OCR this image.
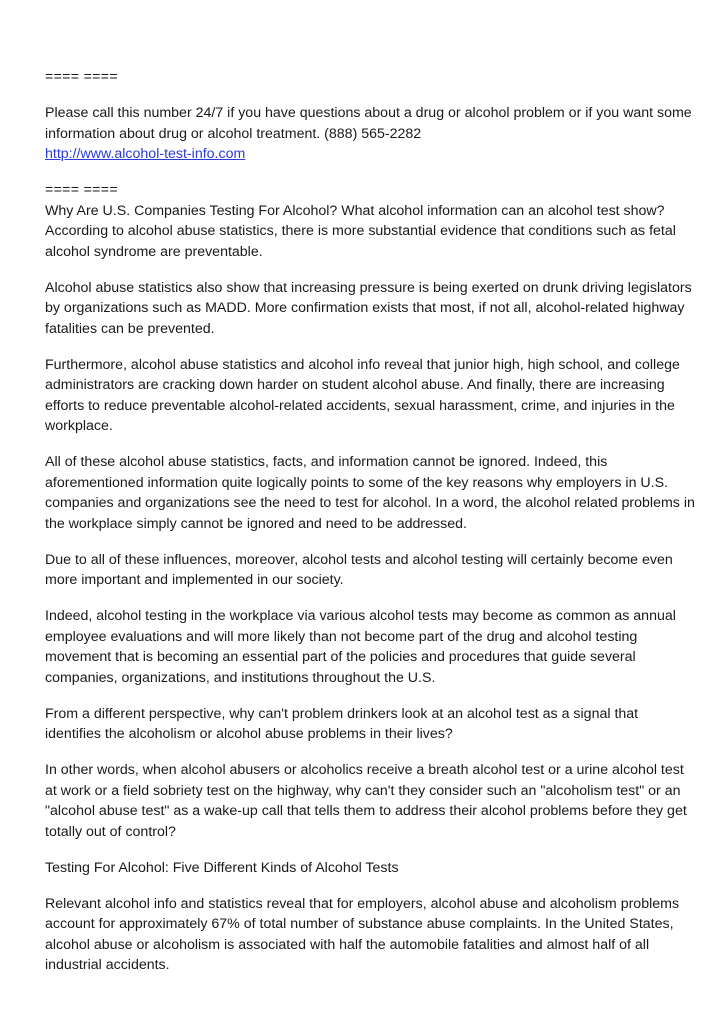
==== ====

Please call this number 24/7 if you have questions about a drug or alcohol problem or if you want some information about drug or alcohol treatment. (888) 565-2282
http://www.alcohol-test-info.com

==== ====

Why Are U.S. Companies Testing For Alcohol? What alcohol information can an alcohol test show? According to alcohol abuse statistics, there is more substantial evidence that conditions such as fetal alcohol syndrome are preventable.

Alcohol abuse statistics also show that increasing pressure is being exerted on drunk driving legislators by organizations such as MADD. More confirmation exists that most, if not all, alcohol-related highway fatalities can be prevented.

Furthermore, alcohol abuse statistics and alcohol info reveal that junior high, high school, and college administrators are cracking down harder on student alcohol abuse. And finally, there are increasing efforts to reduce preventable alcohol-related accidents, sexual harassment, crime, and injuries in the workplace.

All of these alcohol abuse statistics, facts, and information cannot be ignored. Indeed, this aforementioned information quite logically points to some of the key reasons why employers in U.S. companies and organizations see the need to test for alcohol. In a word, the alcohol related problems in the workplace simply cannot be ignored and need to be addressed.

Due to all of these influences, moreover, alcohol tests and alcohol testing will certainly become even more important and implemented in our society.

Indeed, alcohol testing in the workplace via various alcohol tests may become as common as annual employee evaluations and will more likely than not become part of the drug and alcohol testing movement that is becoming an essential part of the policies and procedures that guide several companies, organizations, and institutions throughout the U.S.

From a different perspective, why can't problem drinkers look at an alcohol test as a signal that identifies the alcoholism or alcohol abuse problems in their lives?

In other words, when alcohol abusers or alcoholics receive a breath alcohol test or a urine alcohol test at work or a field sobriety test on the highway, why can't they consider such an "alcoholism test" or an "alcohol abuse test" as a wake-up call that tells them to address their alcohol problems before they get totally out of control?

Testing For Alcohol: Five Different Kinds of Alcohol Tests

Relevant alcohol info and statistics reveal that for employers, alcohol abuse and alcoholism problems account for approximately 67% of total number of substance abuse complaints. In the United States, alcohol abuse or alcoholism is associated with half the automobile fatalities and almost half of all industrial accidents.
